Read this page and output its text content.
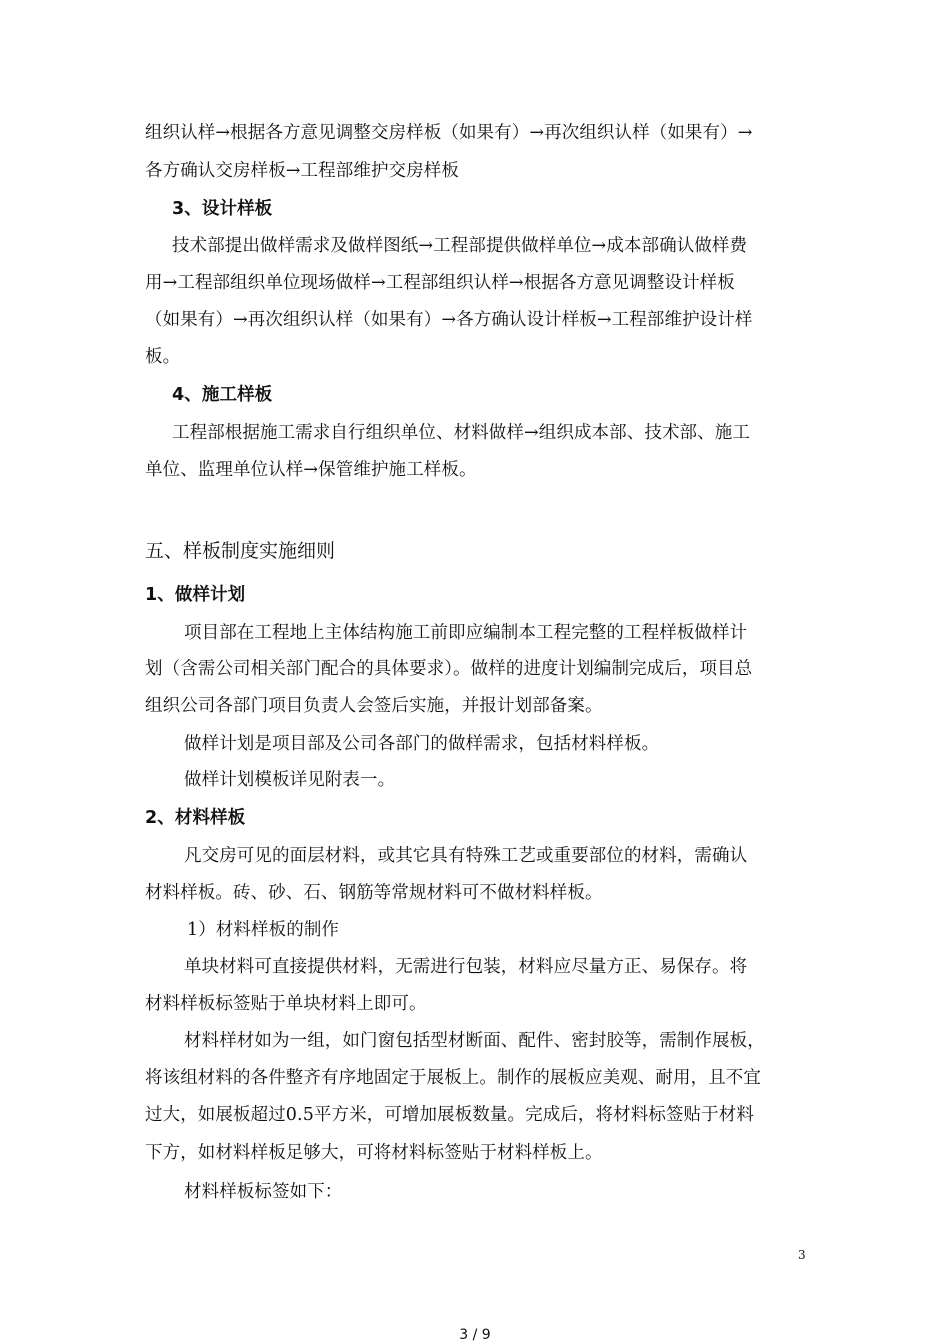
组织认样→根据各方意见调整交房样板（如果有）→再次组织认样（如果有）→
各方确认交房样板→工程部维护交房样板
3、设计样板
技术部提出做样需求及做样图纸→工程部提供做样单位→成本部确认做样费
用→工程部组织单位现场做样→工程部组织认样→根据各方意见调整设计样板
（如果有）→再次组织认样（如果有）→各方确认设计样板→工程部维护设计样
板。
4、施工样板
工程部根据施工需求自行组织单位、材料做样→组织成本部、技术部、施工
单位、监理单位认样→保管维护施工样板。
五、样板制度实施细则
1、做样计划
项目部在工程地上主体结构施工前即应编制本工程完整的工程样板做样计
划（含需公司相关部门配合的具体要求）。做样的进度计划编制完成后，项目总
组织公司各部门项目负责人会签后实施，并报计划部备案。
做样计划是项目部及公司各部门的做样需求，包括材料样板。
做样计划模板详见附表一。
2、材料样板
凡交房可见的面层材料，或其它具有特殊工艺或重要部位的材料，需确认
材料样板。砖、砂、石、钢筋等常规材料可不做材料样板。
1）材料样板的制作
单块材料可直接提供材料，无需进行包装，材料应尽量方正、易保存。将
材料样板标签贴于单块材料上即可。
材料样材如为一组，如门窗包括型材断面、配件、密封胶等，需制作展板，
将该组材料的各件整齐有序地固定于展板上。制作的展板应美观、耐用，且不宜
过大，如展板超过0.5平方米，可增加展板数量。完成后，将材料标签贴于材料
下方，如材料样板足够大，可将材料标签贴于材料样板上。
材料样板标签如下：
3
3 / 9
